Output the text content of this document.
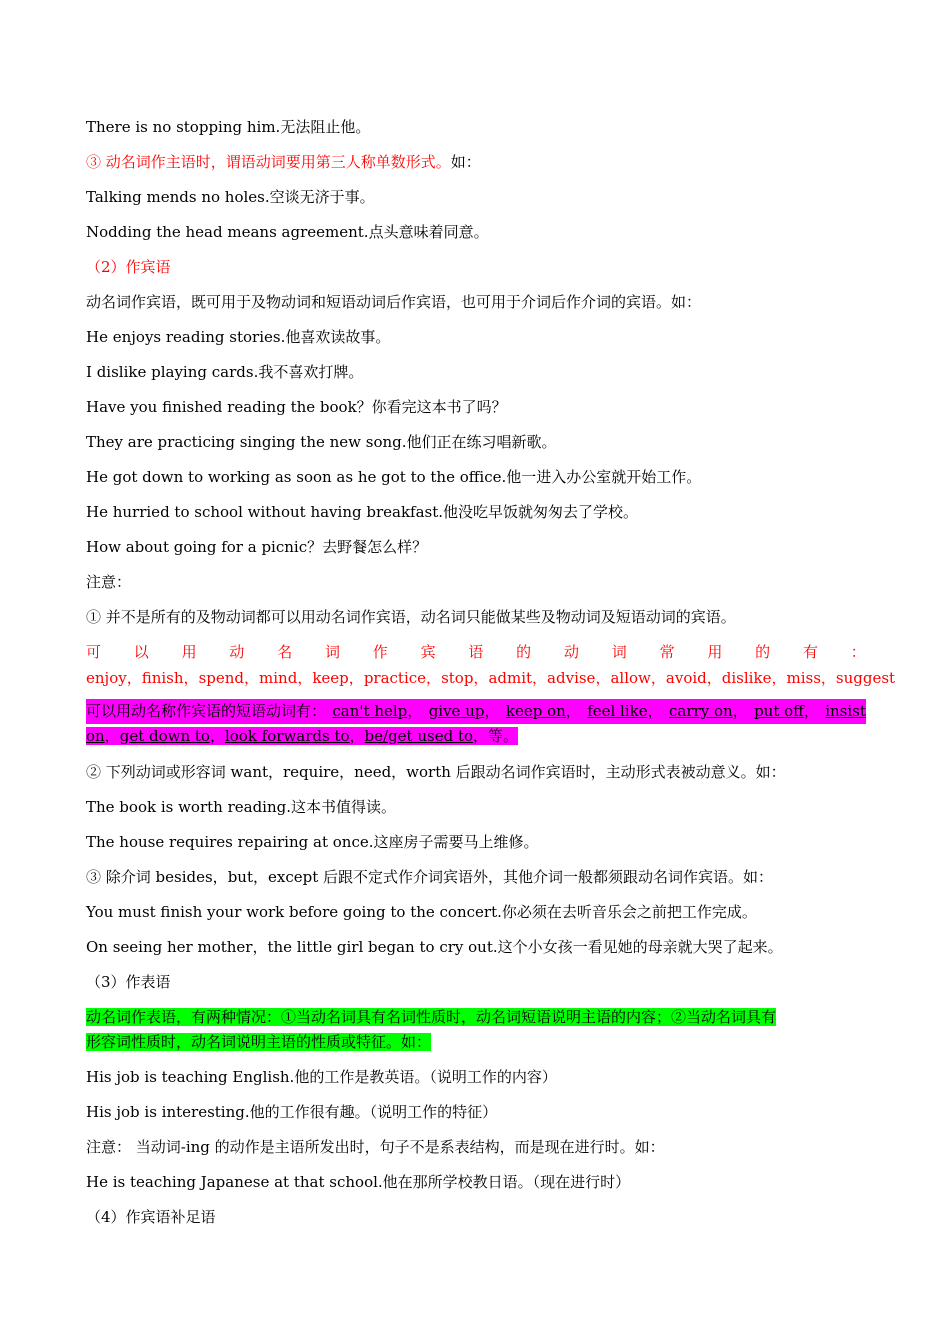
There is no stopping him.无法阻止他。
③ 动名词作主语时，谓语动词要用第三人称单数形式。如：
Talking mends no holes.空谈无济于事。
Nodding the head means agreement.点头意味着同意。
（2）作宾语
动名词作宾语，既可用于及物动词和短语动词后作宾语，也可用于介词后作介词的宾语。如：
He enjoys reading stories.他喜欢读故事。
I dislike playing cards.我不喜欢打牌。
Have you finished reading the book？你看完这本书了吗？
They are practicing singing the new song.他们正在练习唱新歌。
He got down to working as soon as he got to the office.他一进入办公室就开始工作。
He hurried to school without having breakfast.他没吃早饭就匆匆去了学校。
How about going for a picnic？去野餐怎么样？
注意：
① 并不是所有的及物动词都可以用动名词作宾语，动名词只能做某些及物动词及短语动词的宾语。
可 以 用 动 名 词 作 宾 语 的 动 词 常 用 的 有 ：
enjoy，finish，spend，mind，keep，practice，stop，admit，advise，allow，avoid，dislike，miss，suggest
可以用动名称作宾语的短语动词有： can't help， give up， keep on， feel like， carry on， put off， insist
on，get down to，look forwards to，be/get used to，等。
② 下列动词或形容词 want，require，need，worth 后跟动名词作宾语时，主动形式表被动意义。如：
The book is worth reading.这本书值得读。
The house requires repairing at once.这座房子需要马上维修。
③ 除介词 besides，but，except 后跟不定式作介词宾语外，其他介词一般都须跟动名词作宾语。如：
You must finish your work before going to the concert.你必须在去听音乐会之前把工作完成。
On seeing her mother，the little girl began to cry out.这个小女孩一看见她的母亲就大哭了起来。
（3）作表语
动名词作表语，有两种情况：①当动名词具有名词性质时，动名词短语说明主语的内容；②当动名词具有
形容词性质时，动名词说明主语的性质或特征。如：
His job is teaching English.他的工作是教英语。（说明工作的内容）
His job is interesting.他的工作很有趣。（说明工作的特征）
注意： 当动词-ing 的动作是主语所发出时，句子不是系表结构，而是现在进行时。如：
He is teaching Japanese at that school.他在那所学校教日语。（现在进行时）
（4）作宾语补足语
